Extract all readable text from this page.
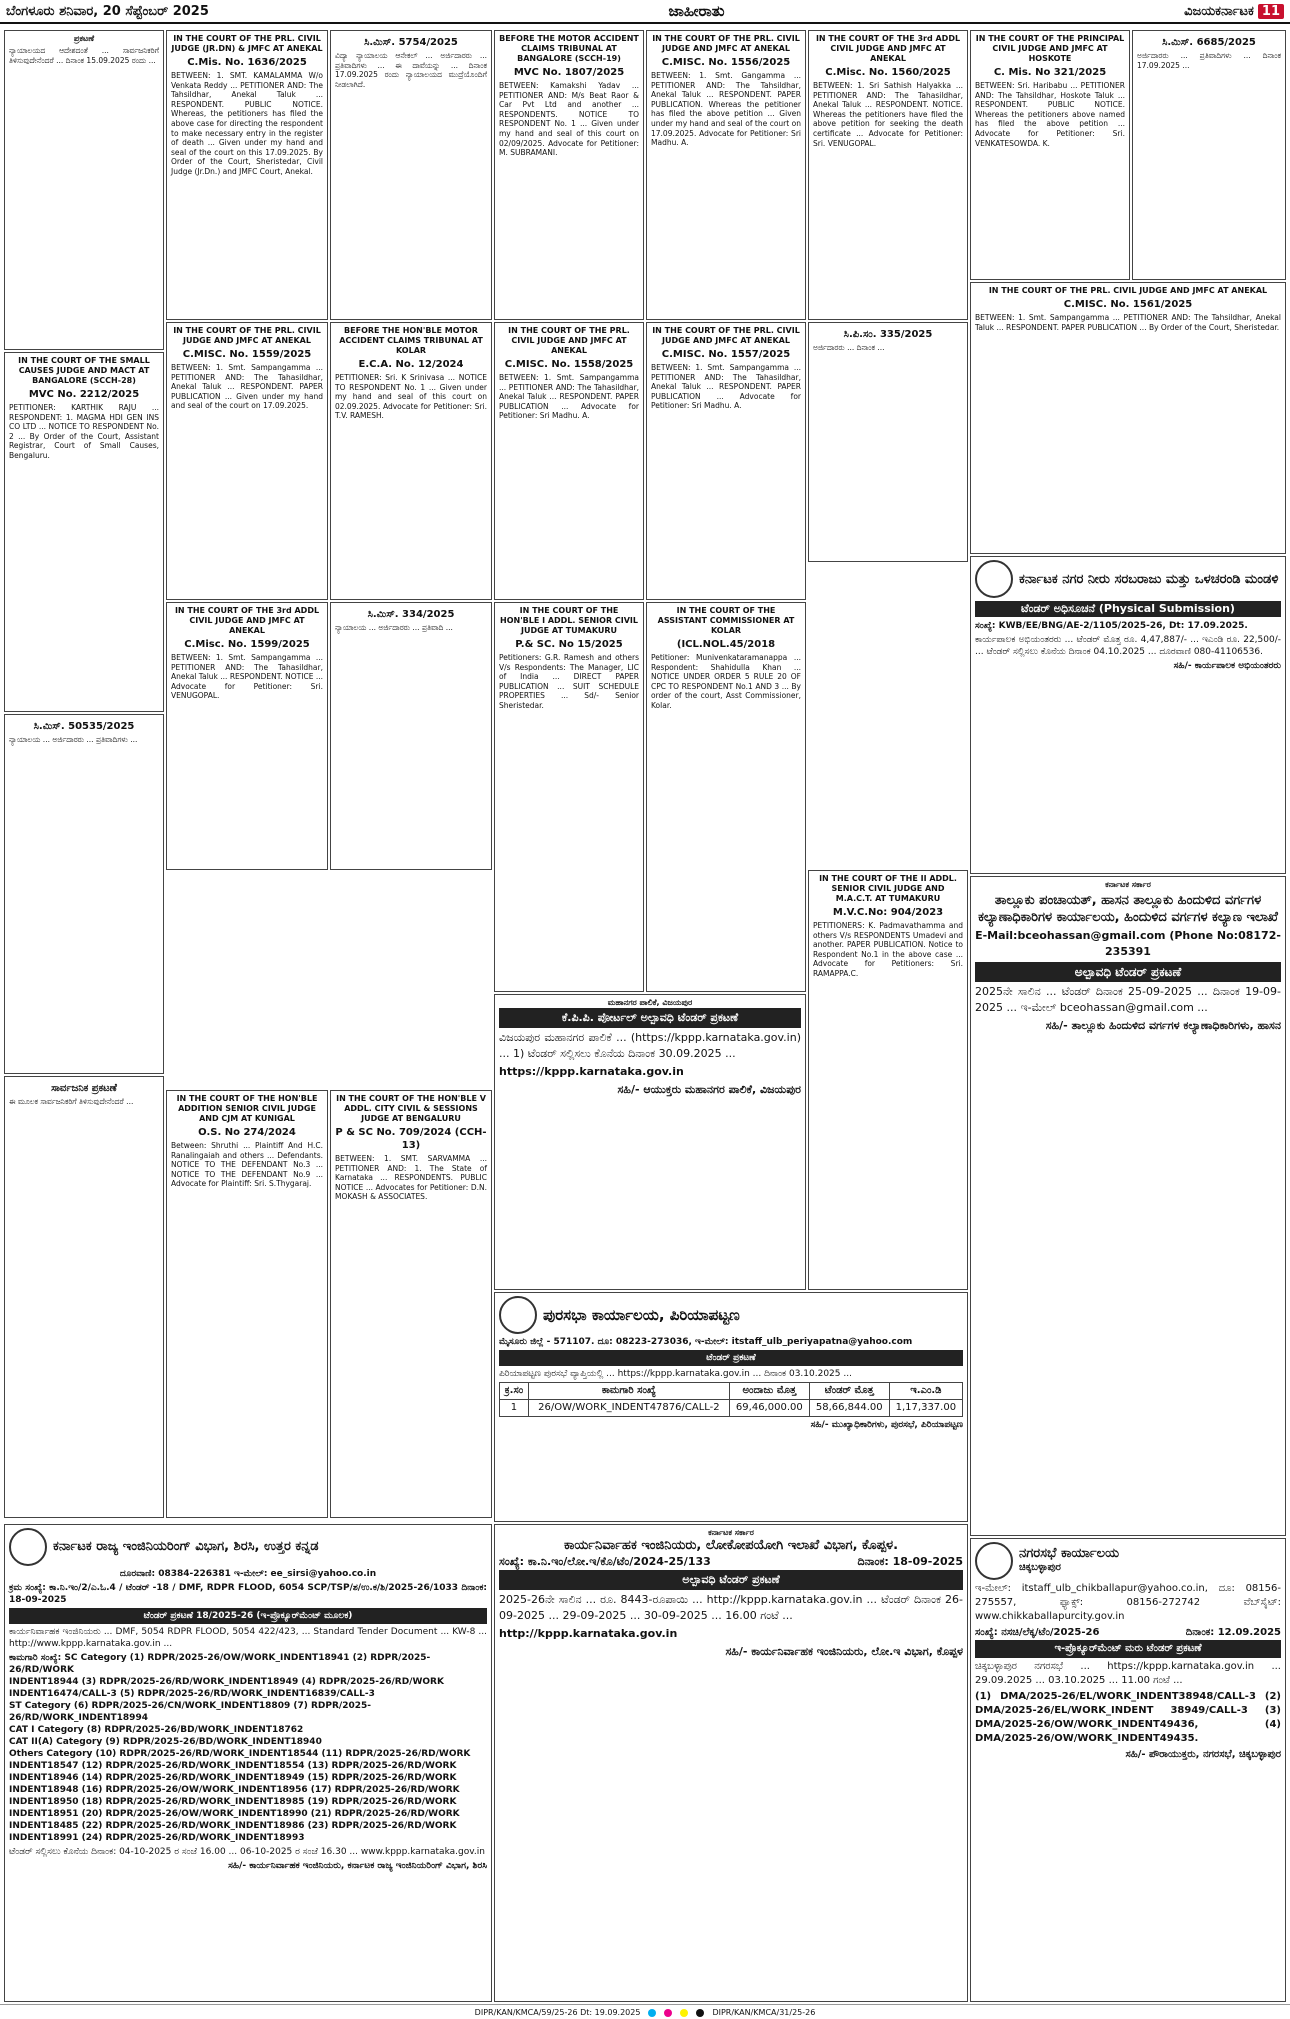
ಬೆಂಗಳೂರು ಶನಿವಾರ, 20 ಸೆಪ್ಟೆಂಬರ್ 2025	ಜಾಹೀರಾತು	ವಿಜಯಕರ್ನಾಟಕ 11
ಪ್ರಕಟಣೆ

ನ್ಯಾಯಾಲಯದ ಆದೇಶದಂತೆ ... ಸಾರ್ವಜನಿಕರಿಗೆ ತಿಳಿಸುವುದೇನೆಂದರೆ ... ದಿನಾಂಕ 15.09.2025 ರಂದು ...

IN THE COURT OF THE PRL. CIVIL JUDGE (JR.DN) & JMFC AT ANEKAL
C.Mis. No. 1636/2025

BETWEEN: 1. SMT. KAMALAMMA W/o Venkata Reddy ... PETITIONER AND: The Tahsildhar, Anekal Taluk ... RESPONDENT. PUBLIC NOTICE. Whereas, the petitioners has filed the above case for directing the respondent to make necessary entry in the register of death ... Given under my hand and seal of the court on this 17.09.2025. By Order of the Court, Sheristedar, Civil Judge (Jr.Dn.) and JMFC Court, Anekal.

ಸಿ.ಮಿಸ್. 5754/2025

ವಿದ್ಯಾ ನ್ಯಾಯಾಲಯ ಆನೇಕಲ್ ... ಅರ್ಜಿದಾರರು ... ಪ್ರತಿವಾದಿಗಳು ... ಈ ದಾವೆಯನ್ನು ... ದಿನಾಂಕ 17.09.2025 ರಂದು ನ್ಯಾಯಾಲಯದ ಮುದ್ರೆಯೊಂದಿಗೆ ನೀಡಲಾಗಿದೆ.

BEFORE THE MOTOR ACCIDENT CLAIMS TRIBUNAL AT BANGALORE (SCCH-19)
MVC No. 1807/2025

BETWEEN: Kamakshi Yadav ... PETITIONER AND: M/s Beat Raor & Car Pvt Ltd and another ... RESPONDENTS. NOTICE TO RESPONDENT No. 1 ... Given under my hand and seal of this court on 02/09/2025. Advocate for Petitioner: M. SUBRAMANI.

IN THE COURT OF THE PRL. CIVIL JUDGE AND JMFC AT ANEKAL
C.MISC. No. 1556/2025

BETWEEN: 1. Smt. Gangamma ... PETITIONER AND: The Tahsildhar, Anekal Taluk ... RESPONDENT. PAPER PUBLICATION. Whereas the petitioner has filed the above petition ... Given under my hand and seal of the court on 17.09.2025. Advocate for Petitioner: Sri Madhu. A.

IN THE COURT OF THE 3rd ADDL CIVIL JUDGE AND JMFC AT ANEKAL
C.Misc. No. 1560/2025

BETWEEN: 1. Sri Sathish Halyakka ... PETITIONER AND: The Tahasildhar, Anekal Taluk ... RESPONDENT. NOTICE. Whereas the petitioners have filed the above petition for seeking the death certificate ... Advocate for Petitioner: Sri. VENUGOPAL.

IN THE COURT OF THE PRINCIPAL CIVIL JUDGE AND JMFC AT HOSKOTE
C. Mis. No 321/2025

BETWEEN: Sri. Haribabu ... PETITIONER AND: The Tahsildhar, Hoskote Taluk ... RESPONDENT. PUBLIC NOTICE. Whereas the petitioners above named has filed the above petition ... Advocate for Petitioner: Sri. VENKATESOWDA. K.

ಸಿ.ಮಿಸ್. 6685/2025

ಅರ್ಜಿದಾರರು ... ಪ್ರತಿವಾದಿಗಳು ... ದಿನಾಂಕ 17.09.2025 ...

IN THE COURT OF THE SMALL CAUSES JUDGE AND MACT AT BANGALORE (SCCH-28)
MVC No. 2212/2025

PETITIONER: KARTHIK RAJU ... RESPONDENT: 1. MAGMA HDI GEN INS CO LTD ... NOTICE TO RESPONDENT No. 2 ... By Order of the Court, Assistant Registrar, Court of Small Causes, Bengaluru.

IN THE COURT OF THE PRL. CIVIL JUDGE AND JMFC AT ANEKAL
C.MISC. No. 1559/2025

BETWEEN: 1. Smt. Sampangamma ... PETITIONER AND: The Tahasildhar, Anekal Taluk ... RESPONDENT. PAPER PUBLICATION ... Given under my hand and seal of the court on 17.09.2025.

BEFORE THE HON'BLE MOTOR ACCIDENT CLAIMS TRIBUNAL AT KOLAR
E.C.A. No. 12/2024

PETITIONER: Sri. K Srinivasa ... NOTICE TO RESPONDENT No. 1 ... Given under my hand and seal of this court on 02.09.2025. Advocate for Petitioner: Sri. T.V. RAMESH.

IN THE COURT OF THE PRL. CIVIL JUDGE AND JMFC AT ANEKAL
C.MISC. No. 1558/2025

BETWEEN: 1. Smt. Sampangamma ... PETITIONER AND: The Tahasildhar, Anekal Taluk ... RESPONDENT. PAPER PUBLICATION ... Advocate for Petitioner: Sri Madhu. A.

IN THE COURT OF THE PRL. CIVIL JUDGE AND JMFC AT ANEKAL
C.MISC. No. 1557/2025

BETWEEN: 1. Smt. Sampangamma ... PETITIONER AND: The Tahasildhar, Anekal Taluk ... RESPONDENT. PAPER PUBLICATION ... Advocate for Petitioner: Sri Madhu. A.

ಸಿ.ಪಿ.ಸಂ. 335/2025

ಅರ್ಜಿದಾರರು ... ದಿನಾಂಕ ...

IN THE COURT OF THE PRL. CIVIL JUDGE AND JMFC AT ANEKAL
C.MISC. No. 1561/2025

BETWEEN: 1. Smt. Sampangamma ... PETITIONER AND: The Tahsildhar, Anekal Taluk ... RESPONDENT. PAPER PUBLICATION ... By Order of the Court, Sheristedar.

IN THE COURT OF THE 3rd ADDL CIVIL JUDGE AND JMFC AT ANEKAL
C.Misc. No. 1599/2025

BETWEEN: 1. Smt. Sampangamma ... PETITIONER AND: The Tahasildhar, Anekal Taluk ... RESPONDENT. NOTICE ... Advocate for Petitioner: Sri. VENUGOPAL.

ಸಿ.ಮಿಸ್. 334/2025

ನ್ಯಾಯಾಲಯ ... ಅರ್ಜಿದಾರರು ... ಪ್ರತಿವಾದಿ ...

IN THE COURT OF THE HON'BLE I ADDL. SENIOR CIVIL JUDGE AT TUMAKURU
P.& SC. No 15/2025

Petitioners: G.R. Ramesh and others V/s Respondents: The Manager, LIC of India ... DIRECT PAPER PUBLICATION ... SUIT SCHEDULE PROPERTIES ... Sd/- Senior Sheristedar.

IN THE COURT OF THE ASSISTANT COMMISSIONER AT KOLAR
(ICL.NOL.45/2018

Petitioner: Munivenkataramanappa ... Respondent: Shahidulla Khan ... NOTICE UNDER ORDER 5 RULE 20 OF CPC TO RESPONDENT No.1 AND 3 ... By order of the court, Asst Commissioner, Kolar.

IN THE COURT OF THE II ADDL. SENIOR CIVIL JUDGE AND M.A.C.T. AT TUMAKURU
M.V.C.No: 904/2023

PETITIONERS: K. Padmavathamma and others V/s RESPONDENTS Umadevi and another. PAPER PUBLICATION. Notice to Respondent No.1 in the above case ... Advocate for Petitioners: Sri. RAMAPPA.C.

ಕರ್ನಾಟಕ ನಗರ ನೀರು ಸರಬರಾಜು ಮತ್ತು ಒಳಚರಂಡಿ ಮಂಡಳಿ
ಟೆಂಡರ್ ಅಧಿಸೂಚನೆ (Physical Submission)

ಸಂಖ್ಯೆ: KWB/EE/BNG/AE-2/1105/2025-26, Dt: 17.09.2025.

ಕಾರ್ಯಪಾಲಕ ಅಭಿಯಂತರರು ... ಟೆಂಡರ್ ಮೊತ್ತ ರೂ. 4,47,887/- ... ಇಎಂಡಿ ರೂ. 22,500/- ... ಟೆಂಡರ್ ಸಲ್ಲಿಸಲು ಕೊನೆಯ ದಿನಾಂಕ 04.10.2025 ... ದೂರವಾಣಿ 080-41106536.

ಸಹಿ/- ಕಾರ್ಯಪಾಲಕ ಅಭಿಯಂತರರು

ಕರ್ನಾಟಕ ಸರ್ಕಾರ

ತಾಲ್ಲೂಕು ಪಂಚಾಯತ್, ಹಾಸನ ತಾಲ್ಲೂಕು ಹಿಂದುಳಿದ ವರ್ಗಗಳ ಕಲ್ಯಾಣಾಧಿಕಾರಿಗಳ ಕಾರ್ಯಾಲಯ, ಹಿಂದುಳಿದ ವರ್ಗಗಳ ಕಲ್ಯಾಣ ಇಲಾಖೆ

E-Mail:bceohassan@gmail.com (Phone No:08172-235391

ಅಲ್ಪಾವಧಿ ಟೆಂಡರ್ ಪ್ರಕಟಣೆ

2025ನೇ ಸಾಲಿನ ... ಟೆಂಡರ್ ದಿನಾಂಕ 25-09-2025 ... ದಿನಾಂಕ 19-09-2025 ... ಇ-ಮೇಲ್ bceohassan@gmail.com ...

ಸಹಿ/- ತಾಲ್ಲೂಕು ಹಿಂದುಳಿದ ವರ್ಗಗಳ ಕಲ್ಯಾಣಾಧಿಕಾರಿಗಳು, ಹಾಸನ

ಸಿ.ಮಿಸ್. 50535/2025

ನ್ಯಾಯಾಲಯ ... ಅರ್ಜಿದಾರರು ... ಪ್ರತಿವಾದಿಗಳು ...

ಸಾರ್ವಜನಿಕ ಪ್ರಕಟಣೆ

ಈ ಮೂಲಕ ಸಾರ್ವಜನಿಕರಿಗೆ ತಿಳಿಸುವುದೇನೆಂದರೆ ...	IN THE COURT OF THE HON'BLE ADDITION SENIOR CIVIL JUDGE AND CJM AT KUNIGAL
O.S. No 274/2024

Between: Shruthi ... Plaintiff And H.C. Ranalingaiah and others ... Defendants. NOTICE TO THE DEFENDANT No.3 ... NOTICE TO THE DEFENDANT No.9 ... Advocate for Plaintiff: Sri. S.Thygaraj.

IN THE COURT OF THE HON'BLE V ADDL. CITY CIVIL & SESSIONS JUDGE AT BENGALURU
P & SC No. 709/2024 (CCH-13)

BETWEEN: 1. SMT. SARVAMMA ... PETITIONER AND: 1. The State of Karnataka ... RESPONDENTS. PUBLIC NOTICE ... Advocates for Petitioner: D.N. MOKASH & ASSOCIATES.

ಮಹಾನಗರ ಪಾಲಿಕೆ, ವಿಜಯಪುರ
ಕೆ.ಪಿ.ಪಿ. ಪೋರ್ಟಲ್ ಅಲ್ಪಾವಧಿ ಟೆಂಡರ್ ಪ್ರಕಟಣೆ

ವಿಜಯಪುರ ಮಹಾನಗರ ಪಾಲಿಕೆ ... (https://kppp.karnataka.gov.in) ... 1) ಟೆಂಡರ್ ಸಲ್ಲಿಸಲು ಕೊನೆಯ ದಿನಾಂಕ 30.09.2025 ...

https://kppp.karnataka.gov.in

ಸಹಿ/- ಆಯುಕ್ತರು ಮಹಾನಗರ ಪಾಲಿಕೆ, ವಿಜಯಪುರ

ಪುರಸಭಾ ಕಾರ್ಯಾಲಯ, ಪಿರಿಯಾಪಟ್ಟಣ

ಮೈಸೂರು ಜಿಲ್ಲೆ - 571107. ದೂ: 08223-273036, ಇ-ಮೇಲ್: itstaff_ulb_periyapatna@yahoo.com

ಟೆಂಡರ್ ಪ್ರಕಟಣೆ

ಪಿರಿಯಾಪಟ್ಟಣ ಪುರಸಭೆ ವ್ಯಾಪ್ತಿಯಲ್ಲಿ ... https://kppp.karnataka.gov.in ... ದಿನಾಂಕ 03.10.2025 ...

ಕ್ರ.ಸಂ	ಕಾಮಗಾರಿ ಸಂಖ್ಯೆ	ಅಂದಾಜು ಮೊತ್ತ	ಟೆಂಡರ್ ಮೊತ್ತ	ಇ.ಎಂ.ಡಿ
1	26/OW/WORK_INDENT47876/CALL-2	69,46,000.00	58,66,844.00	1,17,337.00

ಸಹಿ/- ಮುಖ್ಯಾಧಿಕಾರಿಗಳು, ಪುರಸಭೆ, ಪಿರಿಯಾಪಟ್ಟಣ

ಕರ್ನಾಟಕ ರಾಜ್ಯ ಇಂಜಿನಿಯರಿಂಗ್ ವಿಭಾಗ, ಶಿರಸಿ, ಉತ್ತರ ಕನ್ನಡ

ದೂರವಾಣಿ: 08384-226381 ಇ-ಮೇಲ್: ee_sirsi@yahoo.co.in

ಕ್ರಮ ಸಂಖ್ಯೆ: ಕಾ.ನಿ.ಇಂ/2/ಎ.ಓ.4 / ಟೆಂಡರ್ -18 / DMF, RDPR FLOOD, 6054 SCP/TSP/ಶ/ಉ.ಕ/ಶಿ/2025-26/1033 ದಿನಾಂಕ: 18-09-2025

ಟೆಂಡರ್ ಪ್ರಕಟಣೆ 18/2025-26 (ಇ-ಪ್ರೊಕ್ಯೂರ್‌ಮೆಂಟ್ ಮೂಲಕ)

ಕಾರ್ಯನಿರ್ವಾಹಕ ಇಂಜಿನಿಯರು ... DMF, 5054 RDPR FLOOD, 5054 422/423, ... Standard Tender Document ... KW-8 ... http://www.kppp.karnataka.gov.in ...

ಕಾಮಗಾರಿ ಸಂಖ್ಯೆ: SC Category (1) RDPR/2025-26/OW/WORK_INDENT18941 (2) RDPR/2025-26/RD/WORK
INDENT18944 (3) RDPR/2025-26/RD/WORK_INDENT18949 (4) RDPR/2025-26/RD/WORK
INDENT16474/CALL-3 (5) RDPR/2025-26/RD/WORK_INDENT16839/CALL-3
ST Category (6) RDPR/2025-26/CN/WORK_INDENT18809 (7) RDPR/2025-26/RD/WORK_INDENT18994
CAT I Category (8) RDPR/2025-26/BD/WORK_INDENT18762
CAT II(A) Category (9) RDPR/2025-26/BD/WORK_INDENT18940
Others Category (10) RDPR/2025-26/RD/WORK_INDENT18544 (11) RDPR/2025-26/RD/WORK
INDENT18547 (12) RDPR/2025-26/RD/WORK_INDENT18554 (13) RDPR/2025-26/RD/WORK
INDENT18946 (14) RDPR/2025-26/RD/WORK_INDENT18949 (15) RDPR/2025-26/RD/WORK
INDENT18948 (16) RDPR/2025-26/OW/WORK_INDENT18956 (17) RDPR/2025-26/RD/WORK
INDENT18950 (18) RDPR/2025-26/RD/WORK_INDENT18985 (19) RDPR/2025-26/RD/WORK
INDENT18951 (20) RDPR/2025-26/OW/WORK_INDENT18990 (21) RDPR/2025-26/RD/WORK
INDENT18485 (22) RDPR/2025-26/RD/WORK_INDENT18986 (23) RDPR/2025-26/RD/WORK
INDENT18991 (24) RDPR/2025-26/RD/WORK_INDENT18993

ಟೆಂಡರ್ ಸಲ್ಲಿಸಲು ಕೊನೆಯ ದಿನಾಂಕ: 04-10-2025 ರ ಸಂಜೆ 16.00 ... 06-10-2025 ರ ಸಂಜೆ 16.30 ... www.kppp.karnataka.gov.in

ಸಹಿ/- ಕಾರ್ಯನಿರ್ವಾಹಕ ಇಂಜಿನಿಯರು, ಕರ್ನಾಟಕ ರಾಜ್ಯ ಇಂಜಿನಿಯರಿಂಗ್ ವಿಭಾಗ, ಶಿರಸಿ

ಕರ್ನಾಟಕ ಸರ್ಕಾರ
ಕಾರ್ಯನಿರ್ವಾಹಕ ಇಂಜಿನಿಯರು, ಲೋಕೋಪಯೋಗಿ ಇಲಾಖೆ ವಿಭಾಗ, ಕೊಪ್ಪಳ.
ಸಂಖ್ಯೆ: ಕಾ.ನಿ.ಇಂ/ಲೋ.ಇ/ಕೊ/ಟೆಂ/2024-25/133	ದಿನಾಂಕ: 18-09-2025
ಅಲ್ಪಾವಧಿ ಟೆಂಡರ್ ಪ್ರಕಟಣೆ

2025-26ನೇ ಸಾಲಿನ ... ರೂ. 8443-ರೂಪಾಯಿ ... http://kppp.karnataka.gov.in ... ಟೆಂಡರ್ ದಿನಾಂಕ 26-09-2025 ... 29-09-2025 ... 30-09-2025 ... 16.00 ಗಂಟೆ ...

http://kppp.karnataka.gov.in

ಸಹಿ/- ಕಾರ್ಯನಿರ್ವಾಹಕ ಇಂಜಿನಿಯರು, ಲೋ.ಇ ವಿಭಾಗ, ಕೊಪ್ಪಳ

ನಗರಸಭೆ ಕಾರ್ಯಾಲಯ
ಚಿಕ್ಕಬಳ್ಳಾಪುರ

ಇ-ಮೇಲ್: itstaff_ulb_chikballapur@yahoo.co.in, ದೂ: 08156-275557, ಫ್ಯಾಕ್ಸ್: 08156-272742 ವೆಬ್‌ಸೈಟ್: www.chikkaballapurcity.gov.in

ಸಂಖ್ಯೆ: ನಸಚಿ/ಲೆಕ್ಕ/ಟೆಂ/2025-26	ದಿನಾಂಕ: 12.09.2025
ಇ-ಪ್ರೊಕ್ಯೂರ್‌ಮೆಂಟ್ ಮರು ಟೆಂಡರ್ ಪ್ರಕಟಣೆ

ಚಿಕ್ಕಬಳ್ಳಾಪುರ ನಗರಸಭೆ ... https://kppp.karnataka.gov.in ... 29.09.2025 ... 03.10.2025 ... 11.00 ಗಂಟೆ ...

(1) DMA/2025-26/EL/WORK_INDENT38948/CALL-3 (2) DMA/2025-26/EL/WORK_INDENT 38949/CALL-3 (3) DMA/2025-26/OW/WORK_INDENT49436, (4) DMA/2025-26/OW/WORK_INDENT49435.

ಸಹಿ/- ಪೌರಾಯುಕ್ತರು, ನಗರಸಭೆ, ಚಿಕ್ಕಬಳ್ಳಾಪುರ

DIPR/KAN/KMCA/59/25-26 Dt: 19.09.2025	DIPR/KAN/KMCA/31/25-26
